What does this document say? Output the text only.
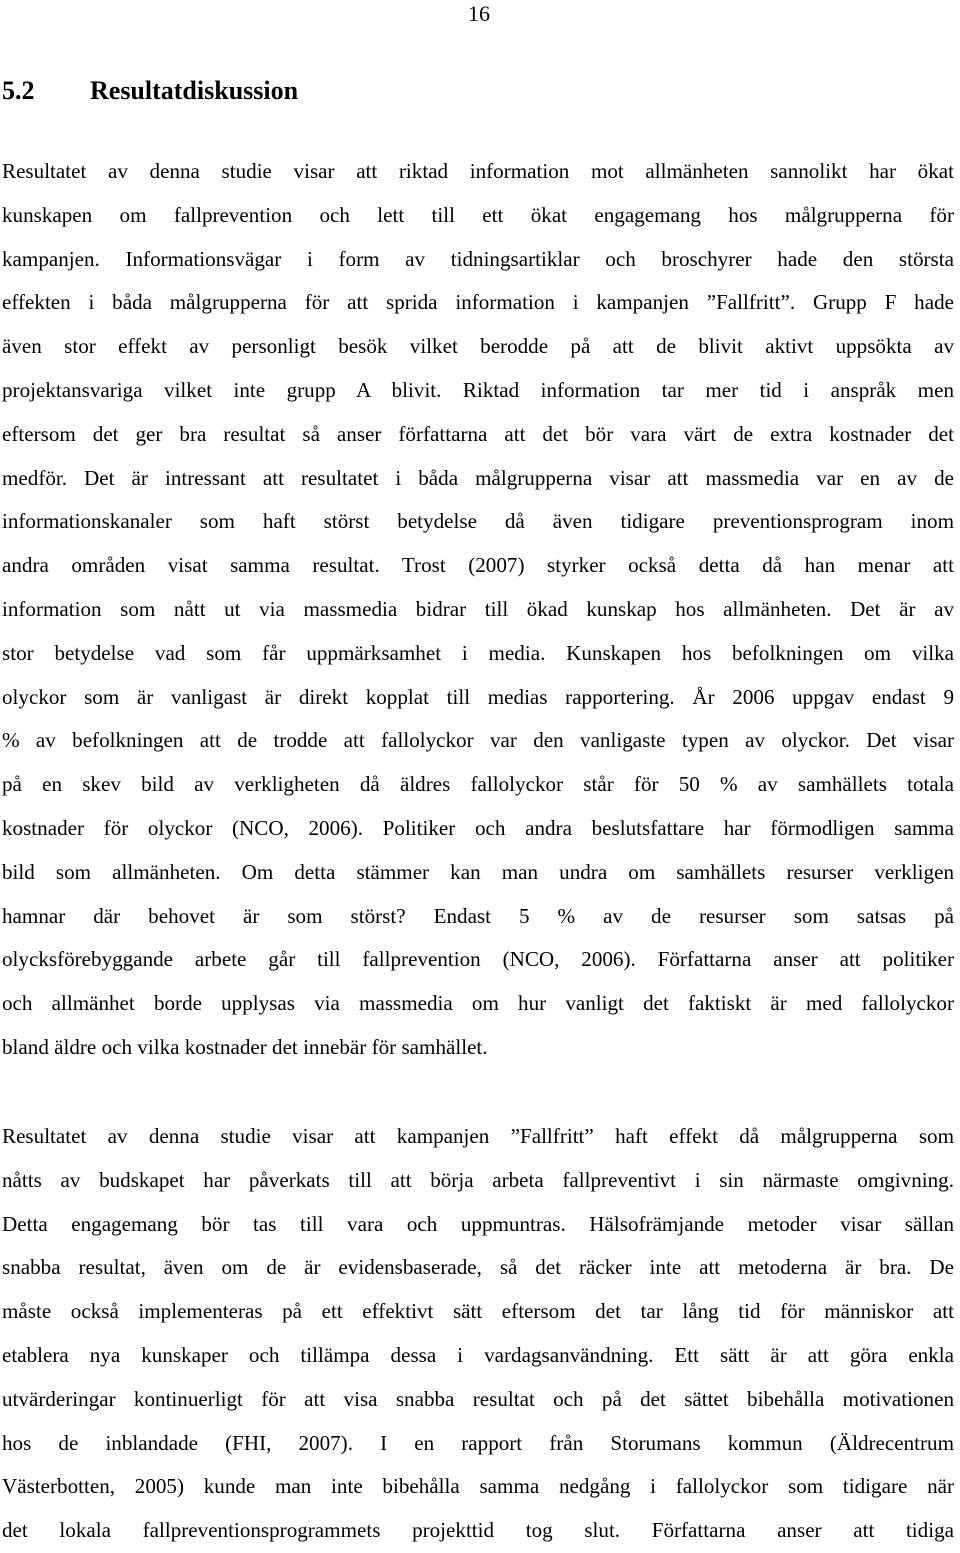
16
5.2 Resultatdiskussion
Resultatet av denna studie visar att riktad information mot allmänheten sannolikt har ökat
kunskapen om fallprevention och lett till ett ökat engagemang hos målgrupperna för
kampanjen. Informationsvägar i form av tidningsartiklar och broschyrer hade den största
effekten i båda målgrupperna för att sprida information i kampanjen ”Fallfritt”. Grupp F hade
även stor effekt av personligt besök vilket berodde på att de blivit aktivt uppsökta av
projektansvariga vilket inte grupp A blivit. Riktad information tar mer tid i anspråk men
eftersom det ger bra resultat så anser författarna att det bör vara värt de extra kostnader det
medför. Det är intressant att resultatet i båda målgrupperna visar att massmedia var en av de
informationskanaler som haft störst betydelse då även tidigare preventionsprogram inom
andra områden visat samma resultat. Trost (2007) styrker också detta då han menar att
information som nått ut via massmedia bidrar till ökad kunskap hos allmänheten. Det är av
stor betydelse vad som får uppmärksamhet i media. Kunskapen hos befolkningen om vilka
olyckor som är vanligast är direkt kopplat till medias rapportering. År 2006 uppgav endast 9
% av befolkningen att de trodde att fallolyckor var den vanligaste typen av olyckor. Det visar
på en skev bild av verkligheten då äldres fallolyckor står för 50 % av samhällets totala
kostnader för olyckor (NCO, 2006). Politiker och andra beslutsfattare har förmodligen samma
bild som allmänheten. Om detta stämmer kan man undra om samhällets resurser verkligen
hamnar där behovet är som störst? Endast 5 % av de resurser som satsas på
olycksförebyggande arbete går till fallprevention (NCO, 2006). Författarna anser att politiker
och allmänhet borde upplysas via massmedia om hur vanligt det faktiskt är med fallolyckor
bland äldre och vilka kostnader det innebär för samhället.
Resultatet av denna studie visar att kampanjen ”Fallfritt” haft effekt då målgrupperna som
nåtts av budskapet har påverkats till att börja arbeta fallpreventivt i sin närmaste omgivning.
Detta engagemang bör tas till vara och uppmuntras. Hälsofrämjande metoder visar sällan
snabba resultat, även om de är evidensbaserade, så det räcker inte att metoderna är bra. De
måste också implementeras på ett effektivt sätt eftersom det tar lång tid för människor att
etablera nya kunskaper och tillämpa dessa i vardagsanvändning. Ett sätt är att göra enkla
utvärderingar kontinuerligt för att visa snabba resultat och på det sättet bibehålla motivationen
hos de inblandade (FHI, 2007). I en rapport från Storumans kommun (Äldrecentrum
Västerbotten, 2005) kunde man inte bibehålla samma nedgång i fallolyckor som tidigare när
det lokala fallpreventionsprogrammets projekttid tog slut. Författarna anser att tidiga
